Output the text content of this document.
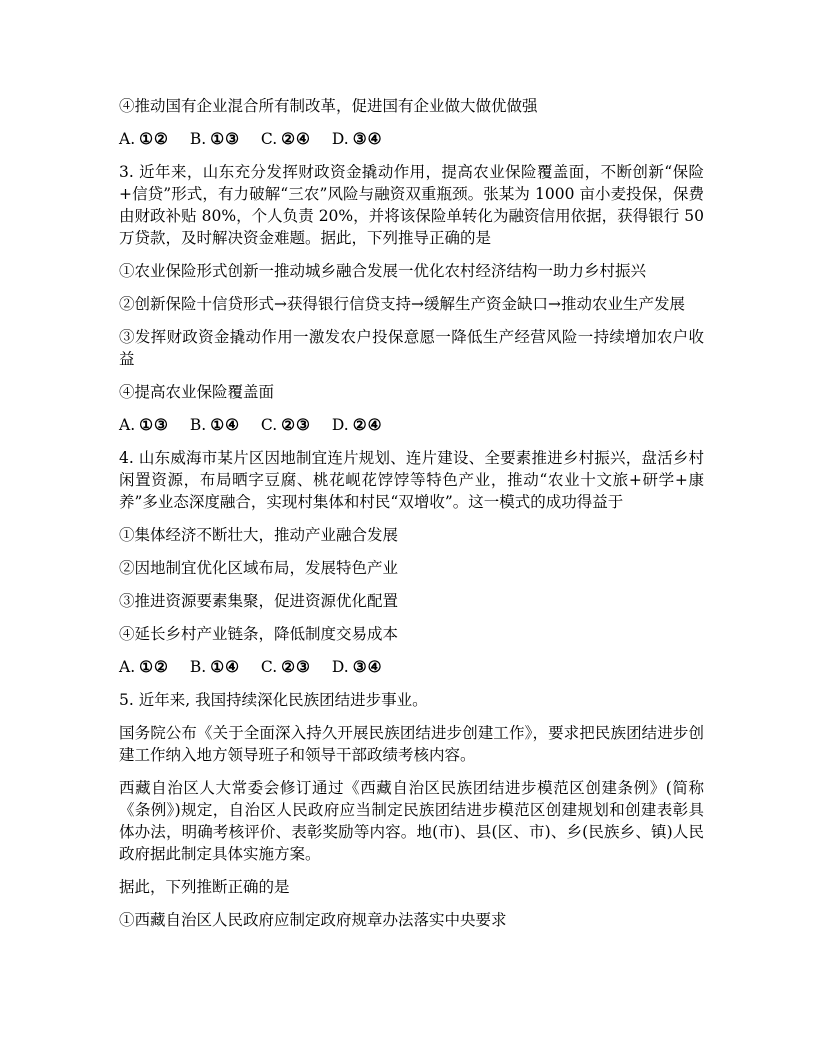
④推动国有企业混合所有制改革，促进国有企业做大做优做强

A. ①② B. ①③ C. ②④ D. ③④

3. 近年来，山东充分发挥财政资金撬动作用，提高农业保险覆盖面，不断创新“保险+信贷”形式，有力破解“三农”风险与融资双重瓶颈。张某为 1000 亩小麦投保，保费由财政补贴 80%，个人负责 20%，并将该保险单转化为融资信用依据，获得银行 50 万贷款，及时解决资金难题。据此，下列推导正确的是

①农业保险形式创新一推动城乡融合发展一优化农村经济结构一助力乡村振兴

②创新保险十信贷形式→获得银行信贷支持→缓解生产资金缺口→推动农业生产发展

③发挥财政资金撬动作用一激发农户投保意愿一降低生产经营风险一持续增加农户收益

④提高农业保险覆盖面

A. ①③ B. ①④ C. ②③ D. ②④

4. 山东威海市某片区因地制宜连片规划、连片建设、全要素推进乡村振兴，盘活乡村闲置资源，布局晒字豆腐、桃花岘花饽饽等特色产业，推动“农业十文旅+研学+康养”多业态深度融合，实现村集体和村民“双增收”。这一模式的成功得益于

①集体经济不断壮大，推动产业融合发展

②因地制宜优化区域布局，发展特色产业

③推进资源要素集聚，促进资源优化配置

④延长乡村产业链条，降低制度交易成本

A. ①② B. ①④ C. ②③ D. ③④

5. 近年来, 我国持续深化民族团结进步事业。

国务院公布《关于全面深入持久开展民族团结进步创建工作》，要求把民族团结进步创建工作纳入地方领导班子和领导干部政绩考核内容。

西藏自治区人大常委会修订通过《西藏自治区民族团结进步模范区创建条例》(简称《条例》)规定，自治区人民政府应当制定民族团结进步模范区创建规划和创建表彰具体办法，明确考核评价、表彰奖励等内容。地(市)、县(区、市)、乡(民族乡、镇)人民政府据此制定具体实施方案。

据此，下列推断正确的是

①西藏自治区人民政府应制定政府规章办法落实中央要求
